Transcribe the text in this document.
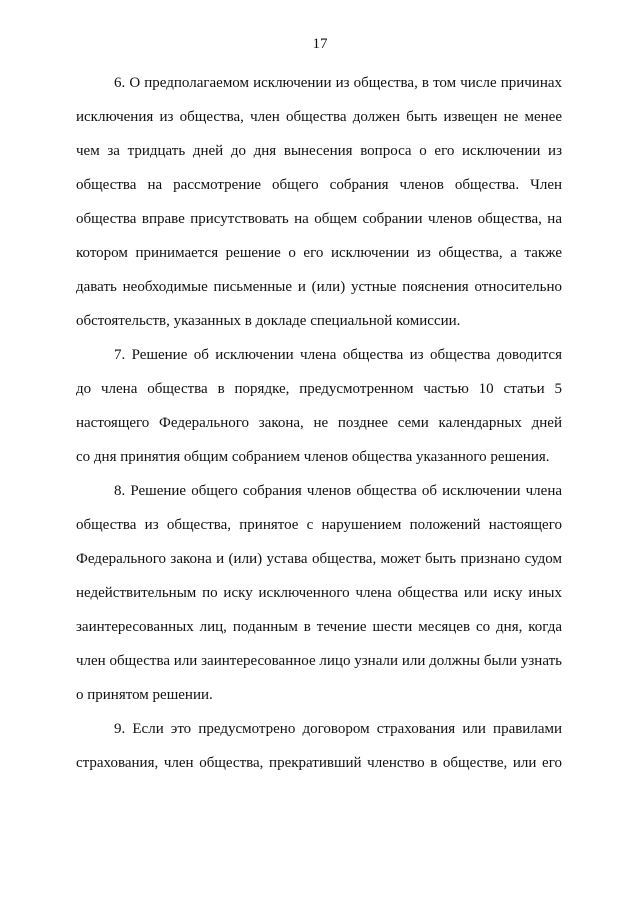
17

6. О предполагаемом исключении из общества, в том числе причинах
исключения из общества, член общества должен быть извещен не менее
чем за тридцать дней до дня вынесения вопроса о его исключении из
общества на рассмотрение общего собрания членов общества. Член
общества вправе присутствовать на общем собрании членов общества, на
котором принимается решение о его исключении из общества, а также
давать необходимые письменные и (или) устные пояснения относительно
обстоятельств, указанных в докладе специальной комиссии.

7. Решение об исключении члена общества из общества доводится
до члена общества в порядке, предусмотренном частью 10 статьи 5
настоящего Федерального закона, не позднее семи календарных дней
со дня принятия общим собранием членов общества указанного решения.

8. Решение общего собрания членов общества об исключении члена
общества из общества, принятое с нарушением положений настоящего
Федерального закона и (или) устава общества, может быть признано судом
недействительным по иску исключенного члена общества или иску иных
заинтересованных лиц, поданным в течение шести месяцев со дня, когда
член общества или заинтересованное лицо узнали или должны были узнать
о принятом решении.

9. Если это предусмотрено договором страхования или правилами
страхования, член общества, прекративший членство в обществе, или его
